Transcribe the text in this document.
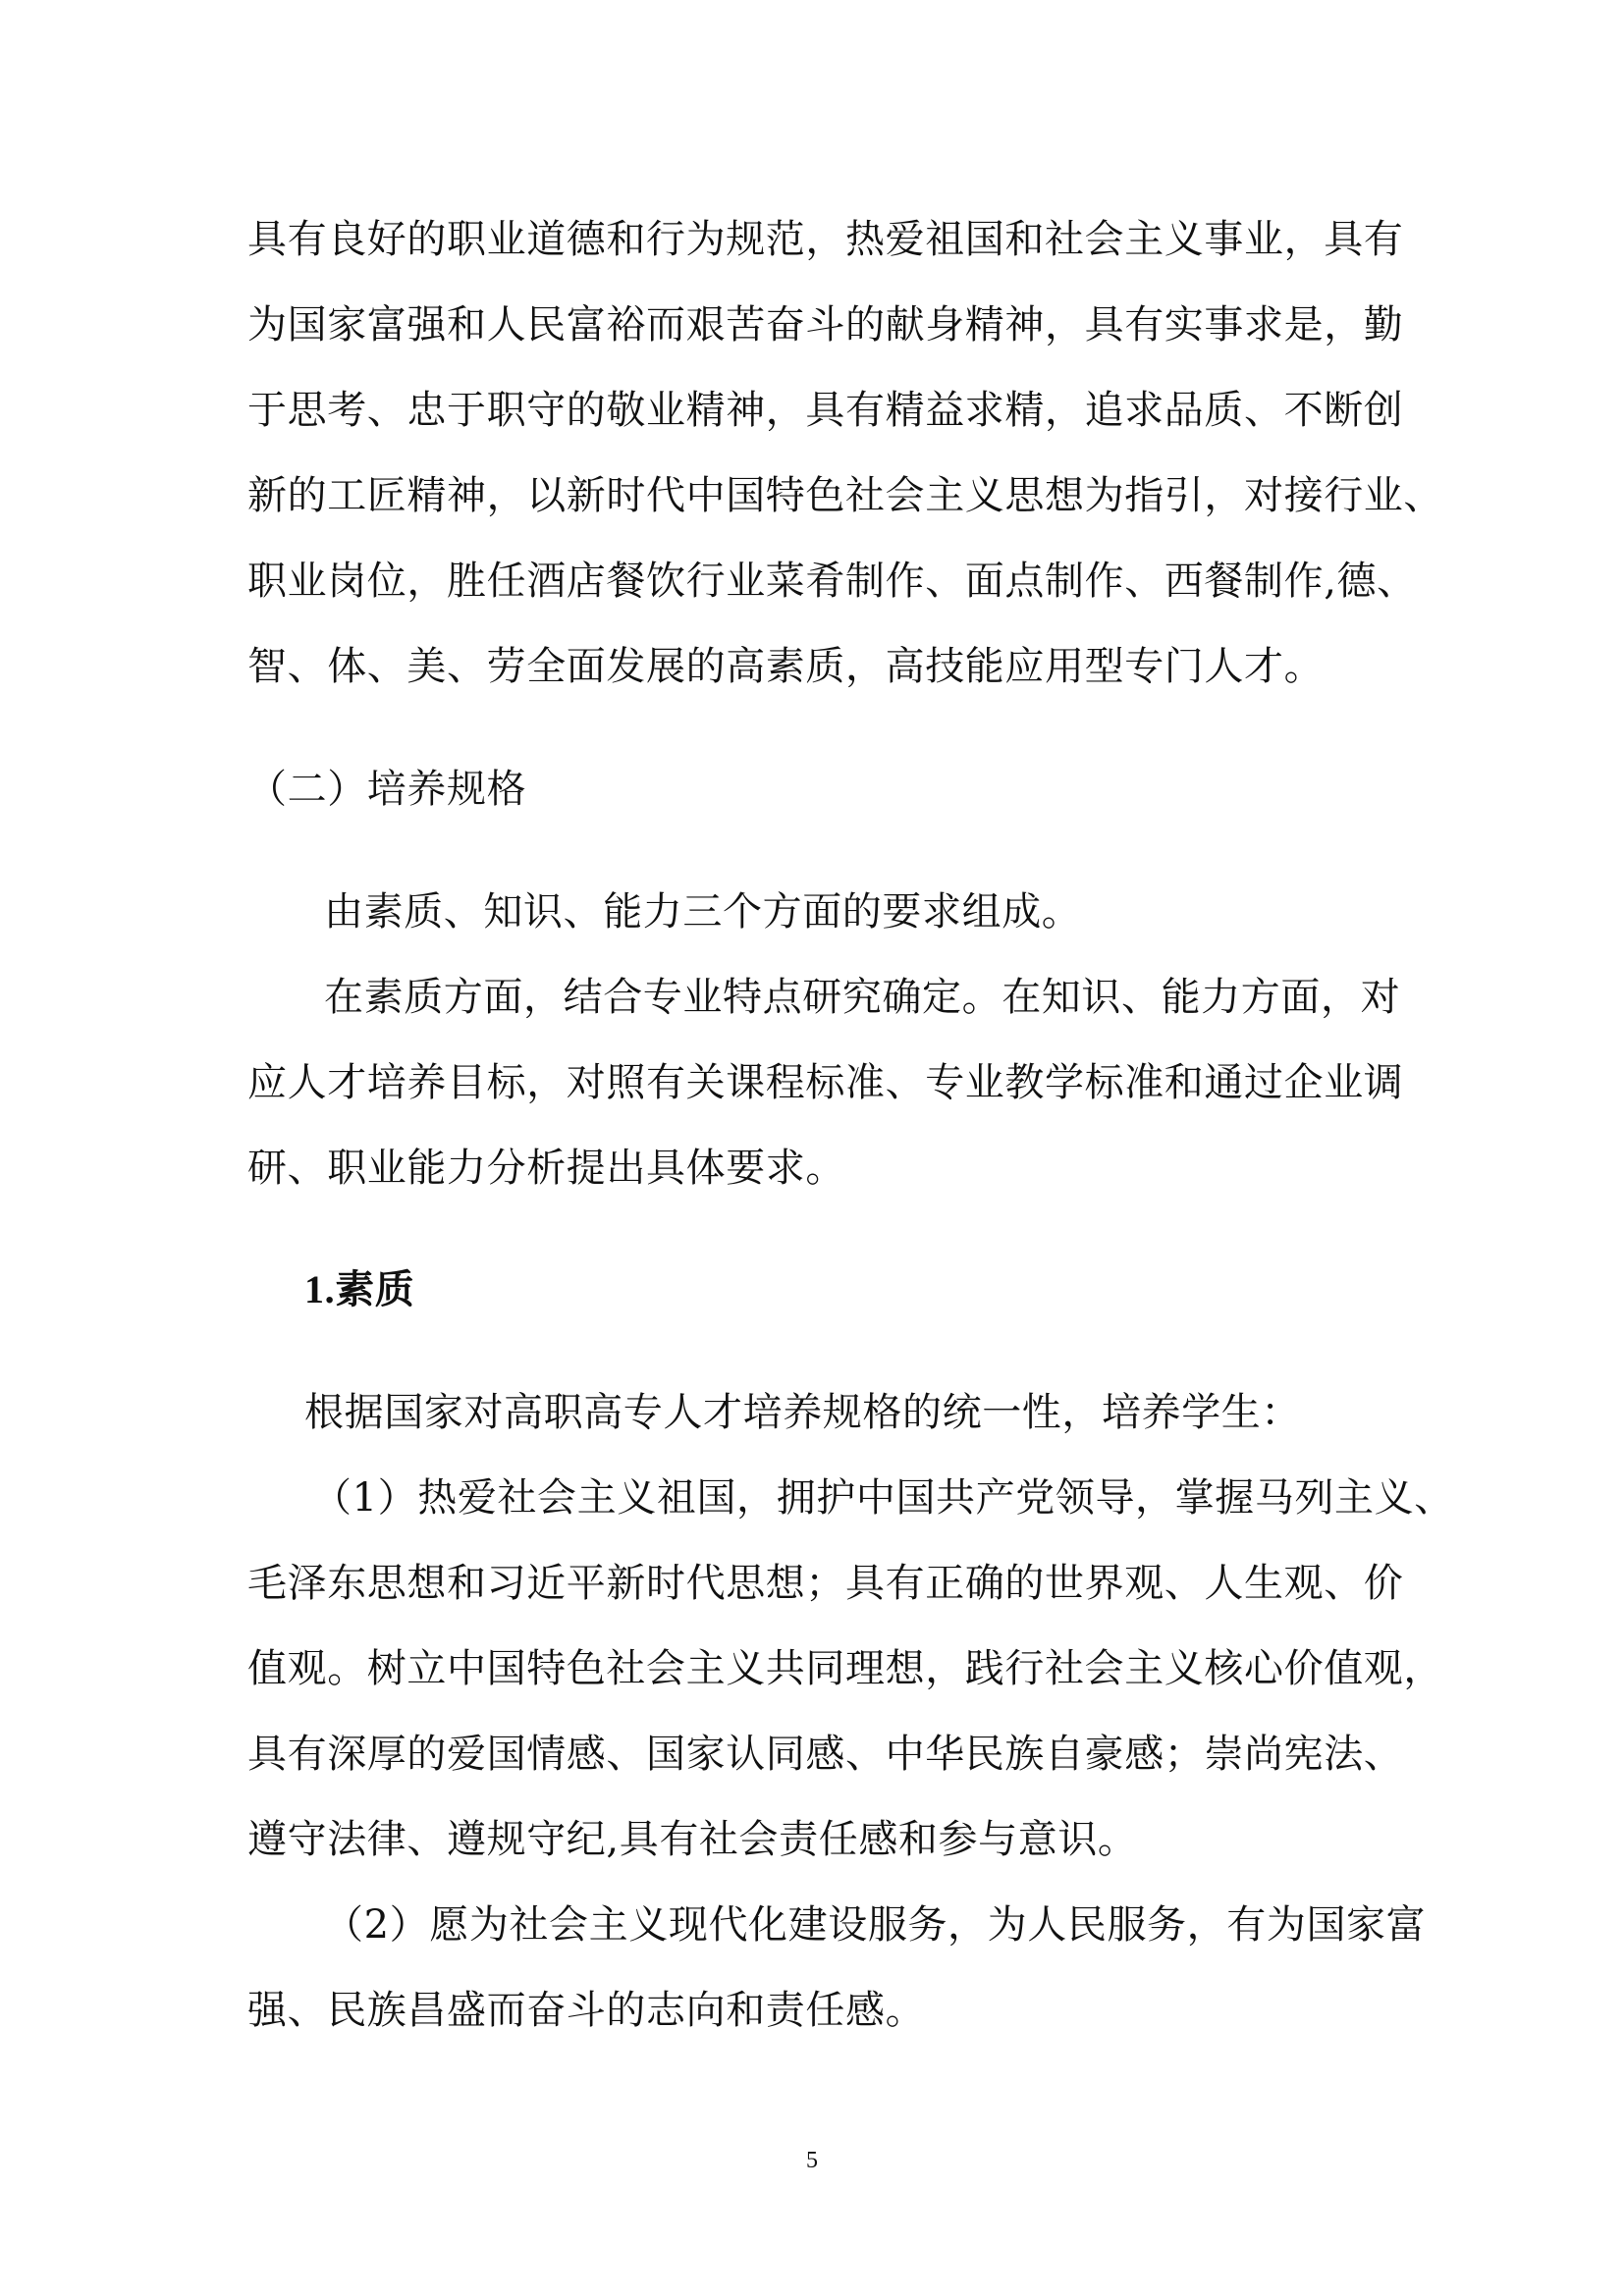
具有良好的职业道德和行为规范，热爱祖国和社会主义事业，具有
为国家富强和人民富裕而艰苦奋斗的献身精神，具有实事求是，勤
于思考、忠于职守的敬业精神，具有精益求精，追求品质、不断创
新的工匠精神，以新时代中国特色社会主义思想为指引，对接行业、
职业岗位，胜任酒店餐饮行业菜肴制作、面点制作、西餐制作,德、
智、体、美、劳全面发展的高素质，高技能应用型专门人才。
（二）培养规格
由素质、知识、能力三个方面的要求组成。
在素质方面，结合专业特点研究确定。在知识、能力方面，对
应人才培养目标，对照有关课程标准、专业教学标准和通过企业调
研、职业能力分析提出具体要求。
1.素质
根据国家对高职高专人才培养规格的统一性，培养学生：
（1）热爱社会主义祖国，拥护中国共产党领导，掌握马列主义、
毛泽东思想和习近平新时代思想；具有正确的世界观、人生观、价
值观。树立中国特色社会主义共同理想，践行社会主义核心价值观，
具有深厚的爱国情感、国家认同感、中华民族自豪感；崇尚宪法、
遵守法律、遵规守纪,具有社会责任感和参与意识。
（2）愿为社会主义现代化建设服务，为人民服务，有为国家富
强、民族昌盛而奋斗的志向和责任感。
5
